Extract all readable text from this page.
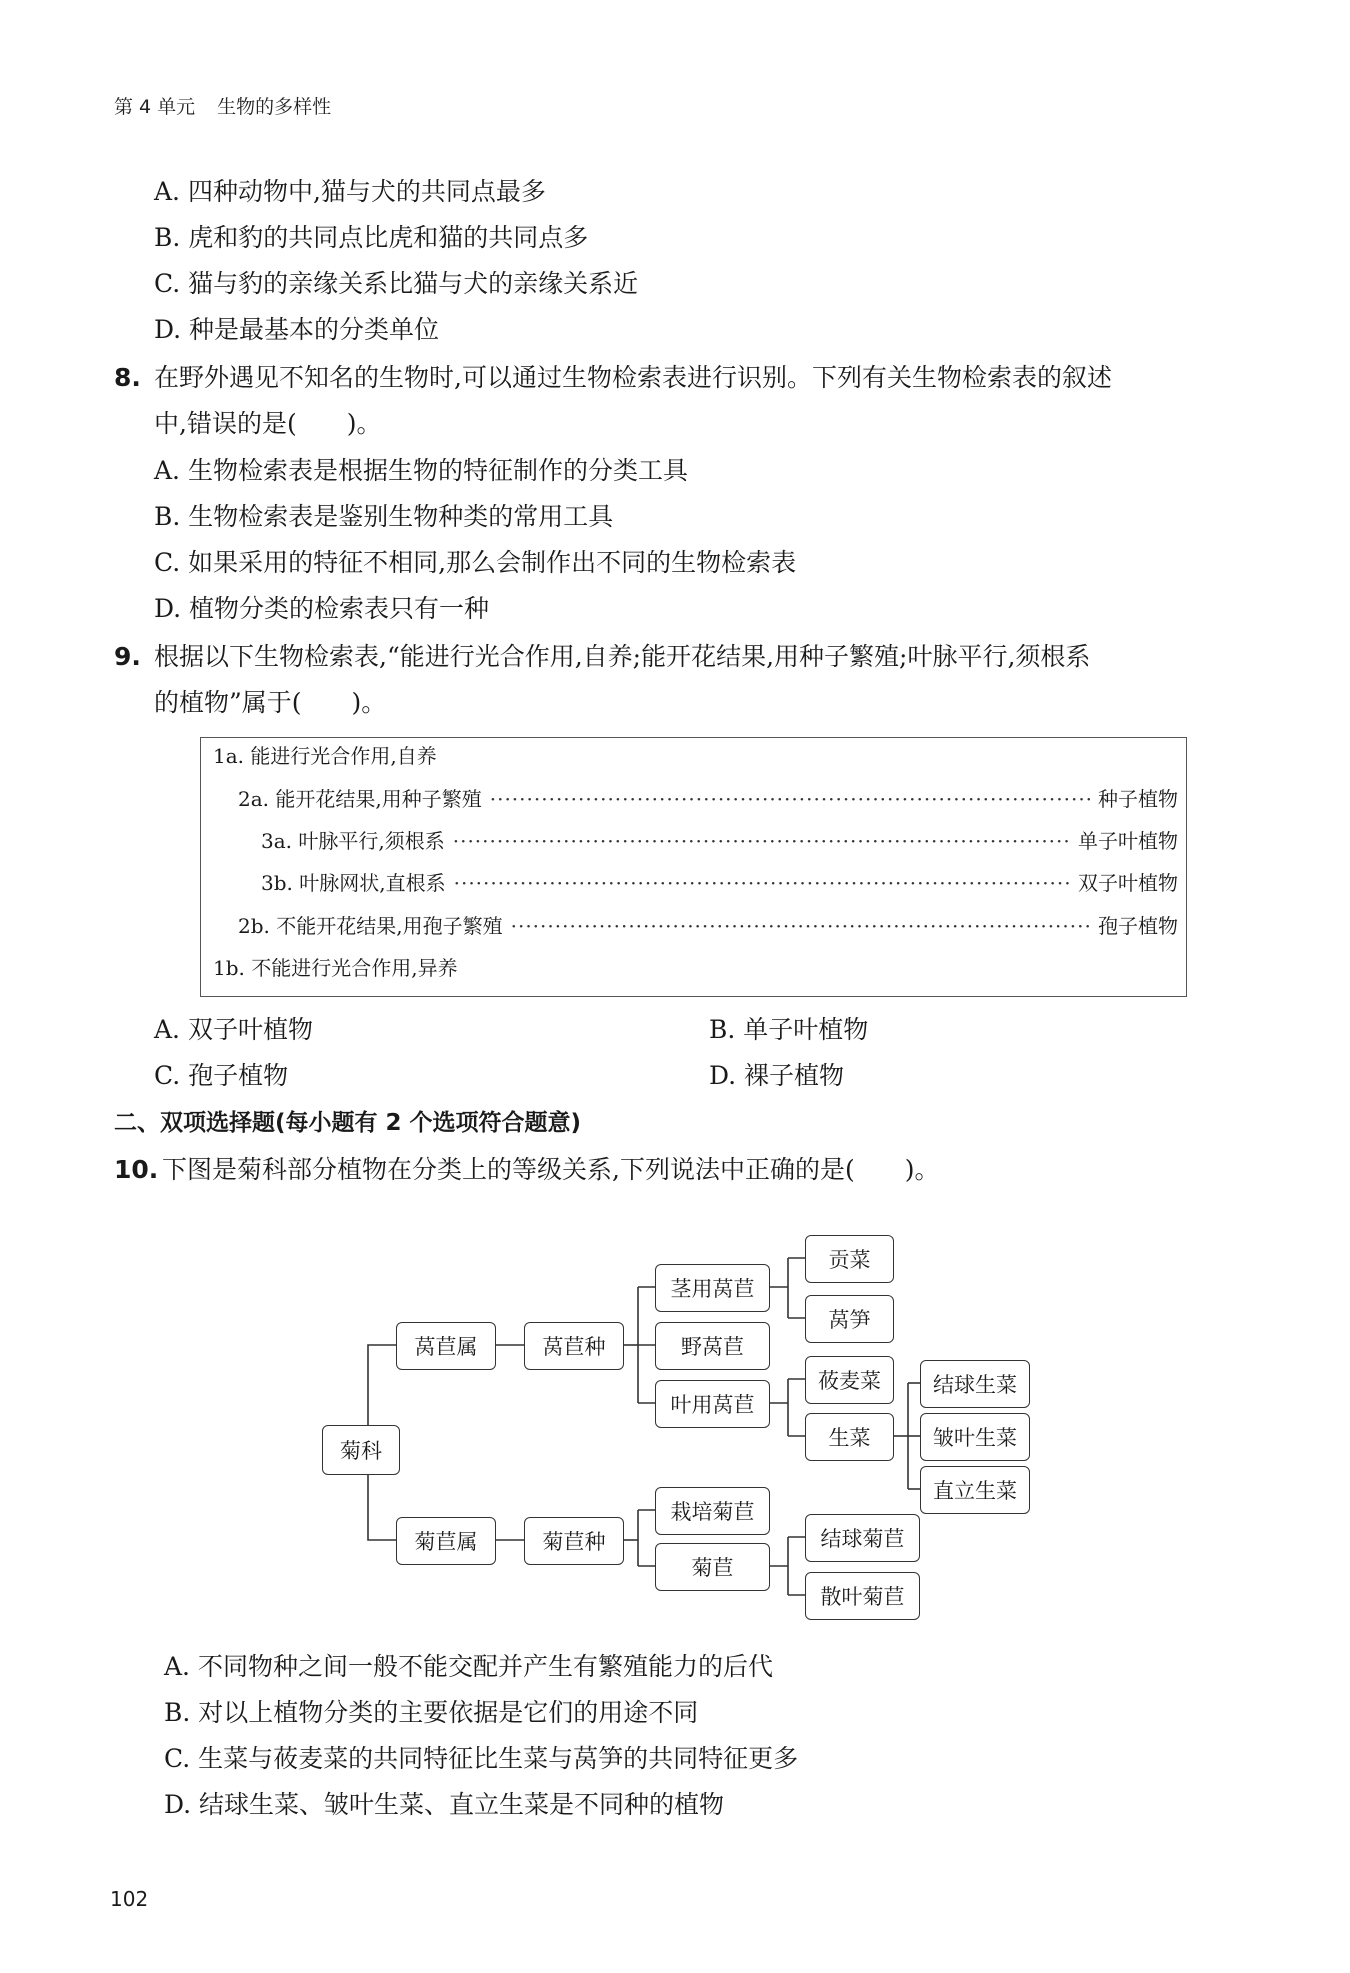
第 4 单元 生物的多样性
A. 四种动物中,猫与犬的共同点最多
B. 虎和豹的共同点比虎和猫的共同点多
C. 猫与豹的亲缘关系比猫与犬的亲缘关系近
D. 种是最基本的分类单位
8. 在野外遇见不知名的生物时,可以通过生物检索表进行识别。下列有关生物检索表的叙述
中,错误的是(　　)。
A. 生物检索表是根据生物的特征制作的分类工具
B. 生物检索表是鉴别生物种类的常用工具
C. 如果采用的特征不相同,那么会制作出不同的生物检索表
D. 植物分类的检索表只有一种
9. 根据以下生物检索表,“能进行光合作用,自养;能开花结果,用种子繁殖;叶脉平行,须根系
的植物”属于(　　)。
1a. 能进行光合作用,自养
2a. 能开花结果,用种子繁殖 ·····	种子植物
3a. 叶脉平行,须根系 ·····	单子叶植物
3b. 叶脉网状,直根系 ·····	双子叶植物
2b. 不能开花结果,用孢子繁殖 ·····	孢子植物
1b. 不能进行光合作用,异养
A. 双子叶植物	B. 单子叶植物
C. 孢子植物	D. 裸子植物
二、双项选择题(每小题有 2 个选项符合题意)
10. 下图是菊科部分植物在分类上的等级关系,下列说法中正确的是(　　)。
菊科
莴苣属	莴苣种
茎用莴苣
野莴苣
叶用莴苣
贡菜
莴笋
莜麦菜
生菜
结球生菜
皱叶生菜
直立生菜
菊苣属	菊苣种
栽培菊苣
菊苣
结球菊苣
散叶菊苣
A. 不同物种之间一般不能交配并产生有繁殖能力的后代
B. 对以上植物分类的主要依据是它们的用途不同
C. 生菜与莜麦菜的共同特征比生菜与莴笋的共同特征更多
D. 结球生菜、皱叶生菜、直立生菜是不同种的植物
102
